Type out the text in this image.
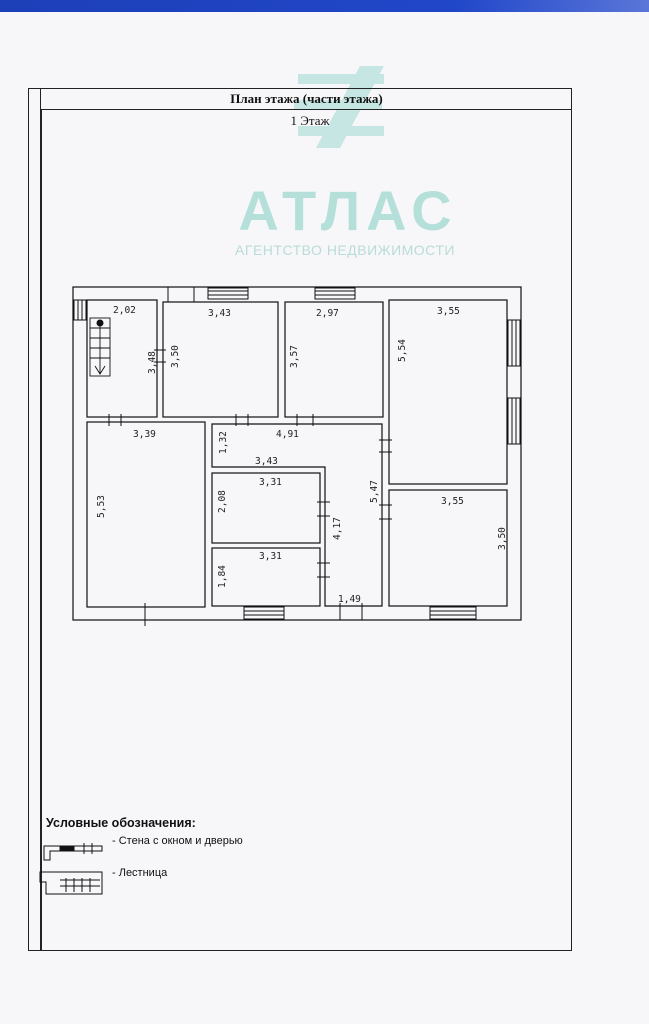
АТЛАС
АГЕНТСТВО НЕДВИЖИМОСТИ
План этажа (части этажа)
1 Этаж
2,02
3,48
3,43
3,50
2,97
3,57
3,55
5,54
3,39
5,53
4,91
1,32
3,43
5,47
3,31
2,08
4,17
3,31
1,84
1,49
3,55
3,50
Условные обозначения:
- Стена с окном и дверью
- Лестница
